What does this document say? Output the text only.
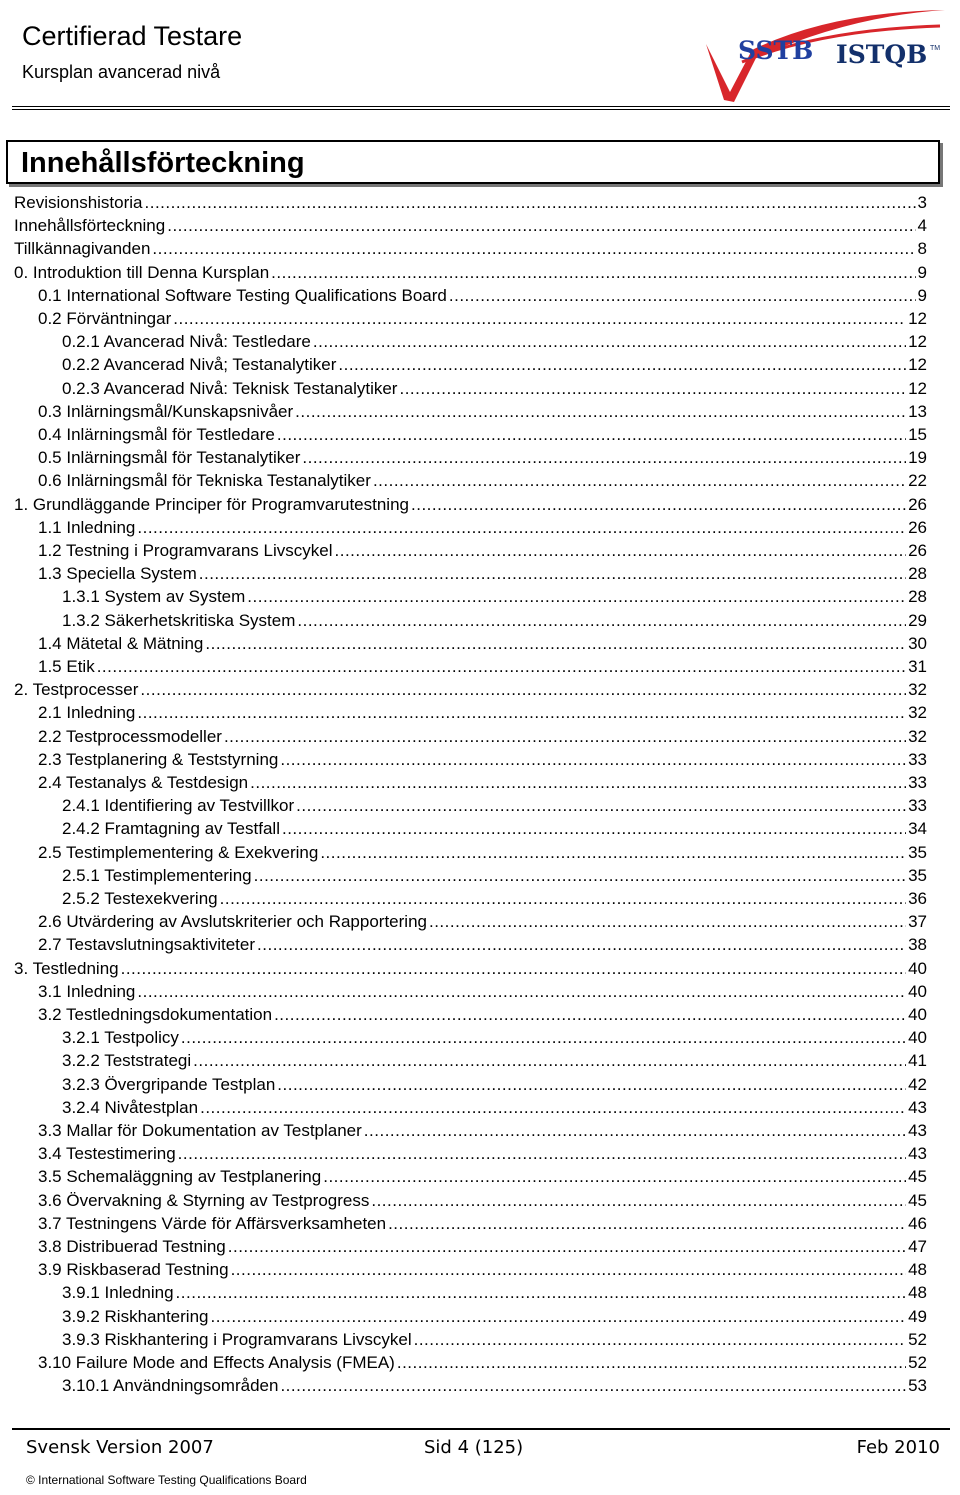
Certifierad Testare
Kursplan avancerad nivå
SSTB ISTQB TM
Innehållsförteckning
Revisionshistoria .....	3
Innehållsförteckning .....	4
Tillkännagivanden .....	8
0. Introduktion till Denna Kursplan .....	9
0.1 International Software Testing Qualifications Board .....	9
0.2 Förväntningar .....	12
0.2.1 Avancerad Nivå: Testledare .....	12
0.2.2 Avancerad Nivå; Testanalytiker .....	12
0.2.3 Avancerad Nivå: Teknisk Testanalytiker .....	12
0.3 Inlärningsmål/Kunskapsnivåer .....	13
0.4 Inlärningsmål för Testledare .....	15
0.5 Inlärningsmål för Testanalytiker .....	19
0.6 Inlärningsmål för Tekniska Testanalytiker .....	22
1. Grundläggande Principer för Programvarutestning .....	26
1.1 Inledning .....	26
1.2 Testning i Programvarans Livscykel .....	26
1.3 Speciella System .....	28
1.3.1 System av System .....	28
1.3.2 Säkerhetskritiska System .....	29
1.4 Mätetal & Mätning .....	30
1.5 Etik .....	31
2. Testprocesser .....	32
2.1 Inledning .....	32
2.2 Testprocessmodeller .....	32
2.3 Testplanering & Teststyrning .....	33
2.4 Testanalys & Testdesign .....	33
2.4.1 Identifiering av Testvillkor .....	33
2.4.2 Framtagning av Testfall .....	34
2.5 Testimplementering & Exekvering .....	35
2.5.1 Testimplementering .....	35
2.5.2 Testexekvering .....	36
2.6 Utvärdering av Avslutskriterier och Rapportering .....	37
2.7 Testavslutningsaktiviteter .....	38
3. Testledning .....	40
3.1 Inledning .....	40
3.2 Testledningsdokumentation .....	40
3.2.1 Testpolicy .....	40
3.2.2 Teststrategi .....	41
3.2.3 Övergripande Testplan .....	42
3.2.4 Nivåtestplan .....	43
3.3 Mallar för Dokumentation av Testplaner .....	43
3.4 Testestimering .....	43
3.5 Schemaläggning av Testplanering .....	45
3.6 Övervakning & Styrning av Testprogress .....	45
3.7 Testningens Värde för Affärsverksamheten .....	46
3.8 Distribuerad Testning .....	47
3.9 Riskbaserad Testning .....	48
3.9.1 Inledning .....	48
3.9.2 Riskhantering .....	49
3.9.3 Riskhantering i Programvarans Livscykel .....	52
3.10 Failure Mode and Effects Analysis (FMEA) .....	52
3.10.1 Användningsområden .....	53
Svensk Version 2007	Sid 4 (125)	Feb 2010
© International Software Testing Qualifications Board
